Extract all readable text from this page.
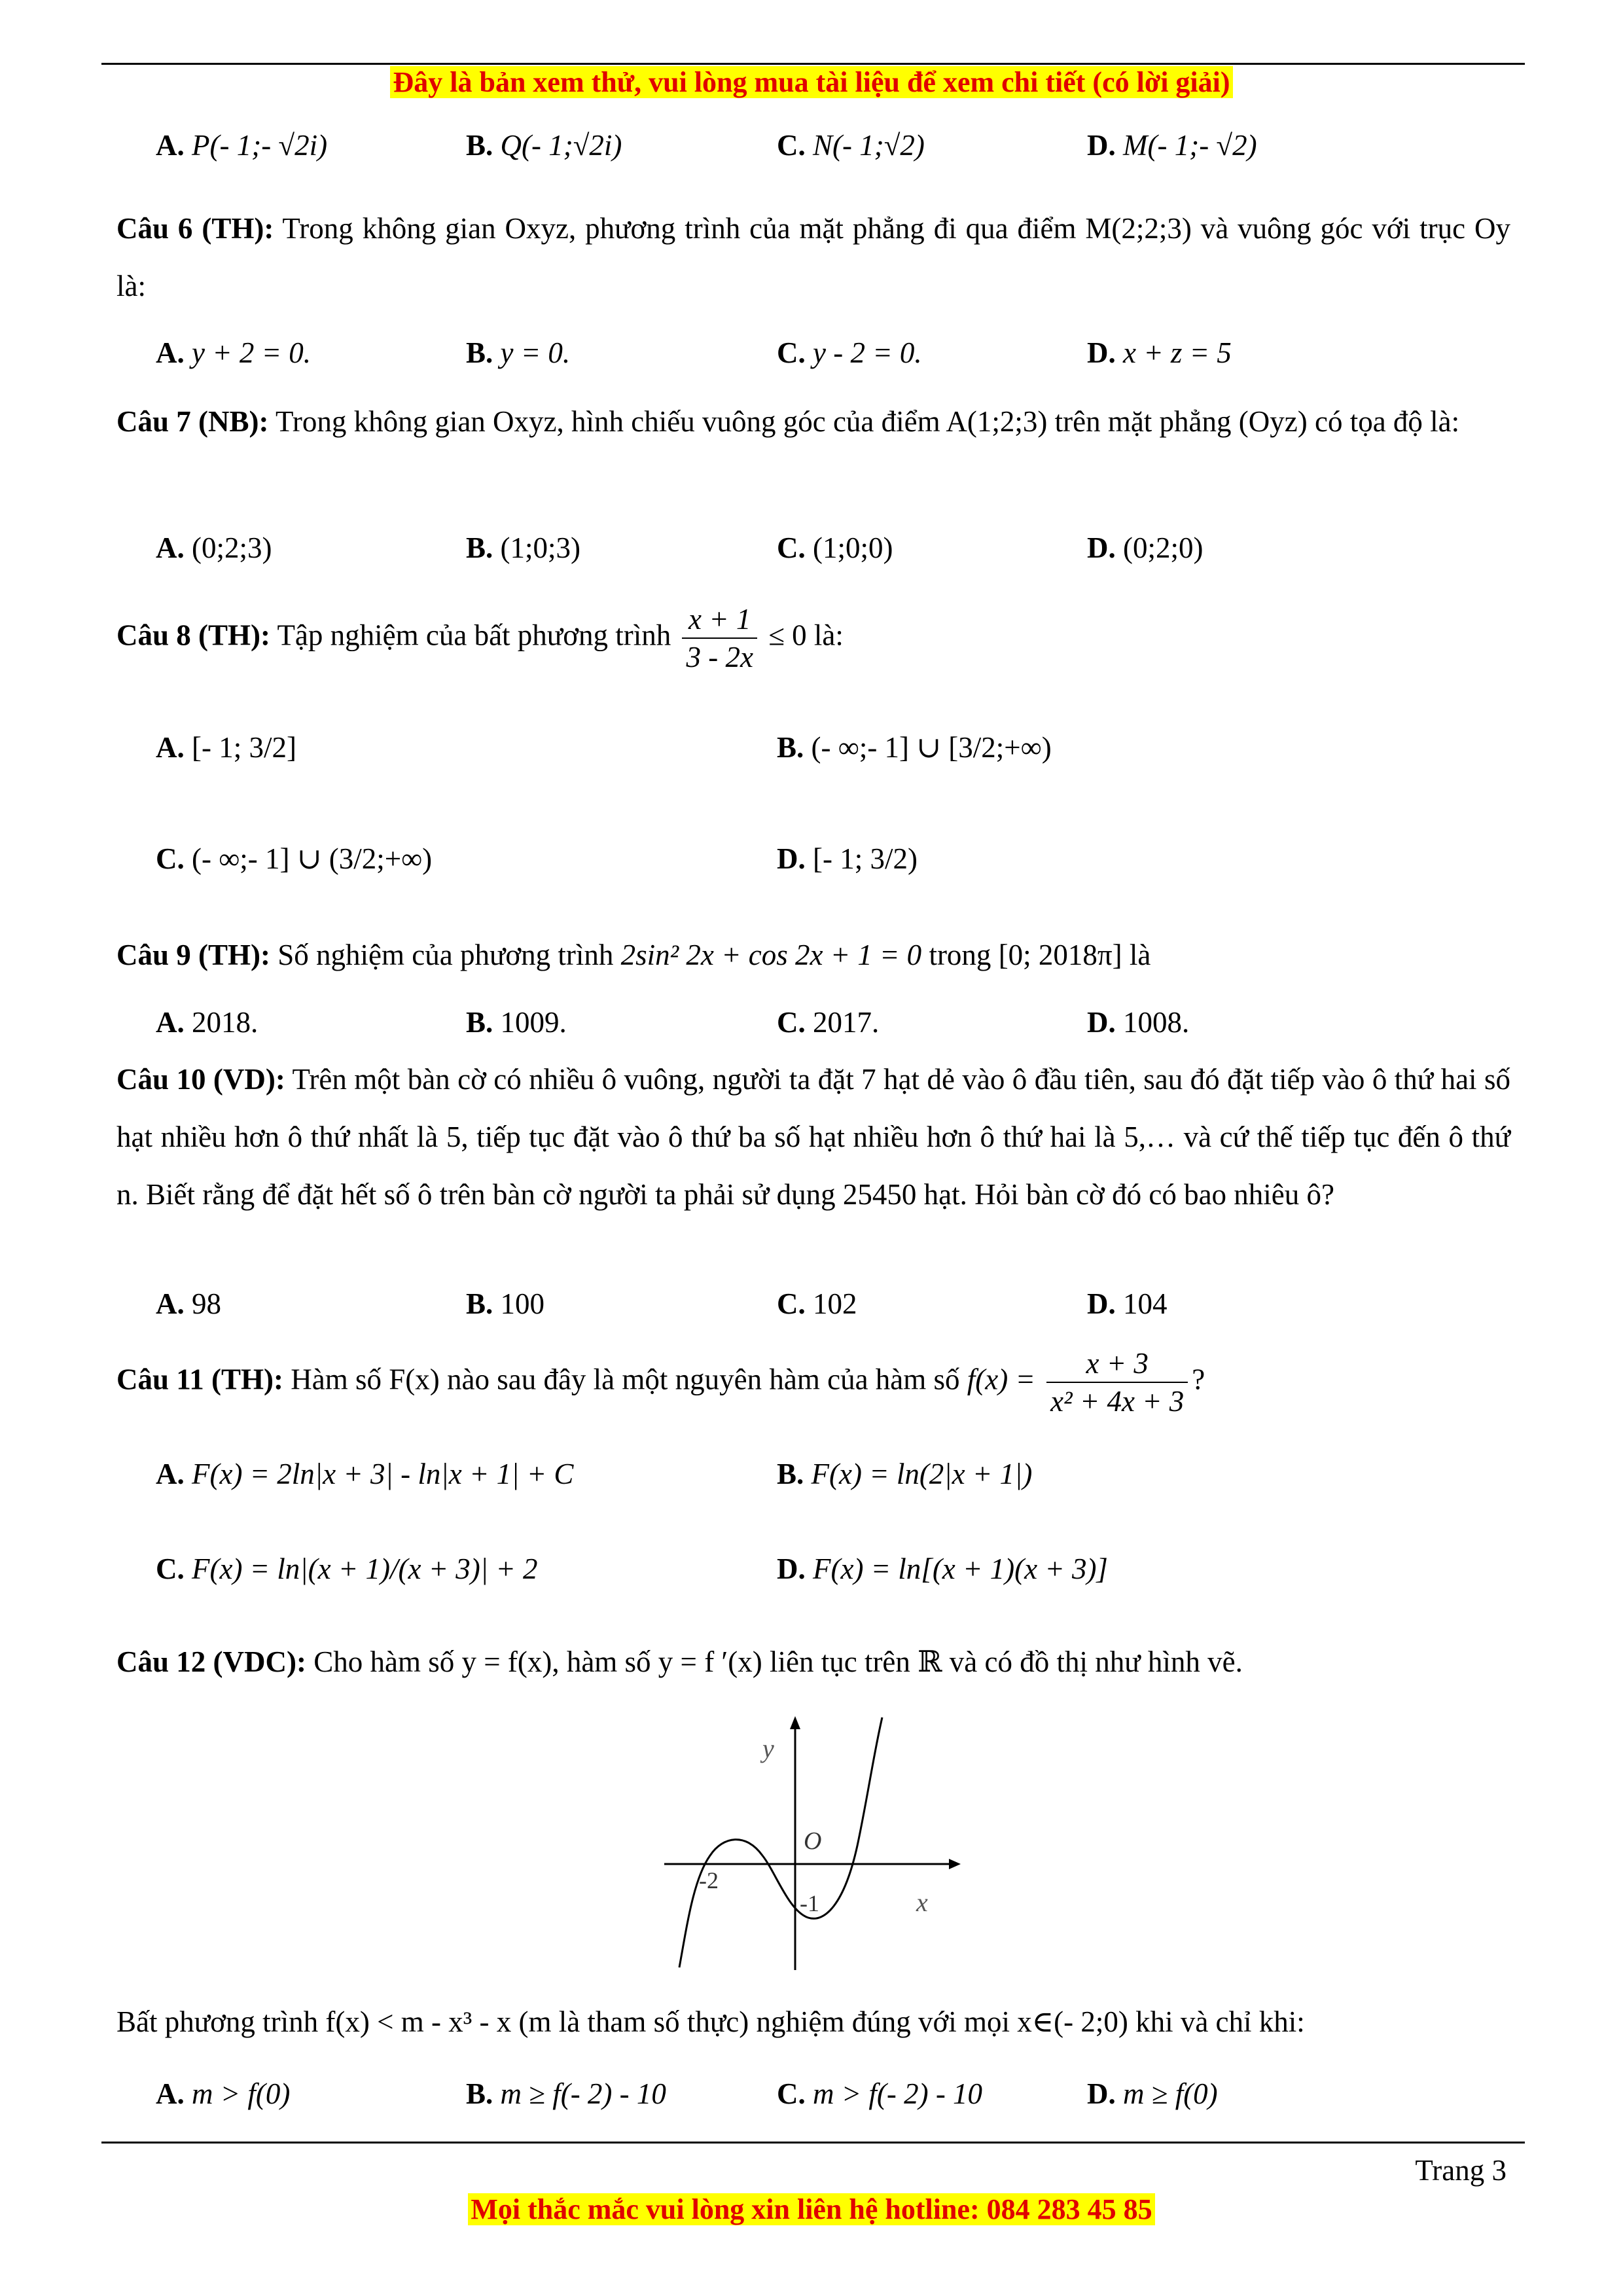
Đây là bản xem thử, vui lòng mua tài liệu để xem chi tiết (có lời giải)
A. P(- 1;- √2i)	B. Q(- 1;√2i)	C. N(- 1;√2)	D. M(- 1;- √2)
Câu 6 (TH): Trong không gian Oxyz, phương trình của mặt phẳng đi qua điểm M(2;2;3) và vuông góc với trục Oy là:
A. y + 2 = 0.	B. y = 0.	C. y - 2 = 0.	D. x + z = 5
Câu 7 (NB): Trong không gian Oxyz, hình chiếu vuông góc của điểm A(1;2;3) trên mặt phẳng (Oyz) có tọa độ là:
A. (0;2;3)	B. (1;0;3)	C. (1;0;0)	D. (0;2;0)
Câu 8 (TH): Tập nghiệm của bất phương trình $\frac{x + 1}{3 - 2x} \le 0$ là:
A. [- 1; 3/2]	B. (- ∞;- 1] ∪ [3/2;+∞)
C. (- ∞;- 1] ∪ (3/2;+∞)	D. [- 1; 3/2)
Câu 9 (TH): Số nghiệm của phương trình 2sin² 2x + cos 2x + 1 = 0 trong [0; 2018π] là
A. 2018.	B. 1009.	C. 2017.	D. 1008.
Câu 10 (VD): Trên một bàn cờ có nhiều ô vuông, người ta đặt 7 hạt dẻ vào ô đầu tiên, sau đó đặt tiếp vào ô thứ hai số hạt nhiều hơn ô thứ nhất là 5, tiếp tục đặt vào ô thứ ba số hạt nhiều hơn ô thứ hai là 5,… và cứ thế tiếp tục đến ô thứ n. Biết rằng để đặt hết số ô trên bàn cờ người ta phải sử dụng 25450 hạt. Hỏi bàn cờ đó có bao nhiêu ô?
A. 98	B. 100	C. 102	D. 104
Câu 11 (TH): Hàm số F(x) nào sau đây là một nguyên hàm của hàm số $f(x) = \frac{x + 3}{\text{x² + 4x + 3}}$ ?
A. F(x) = 2ln|x + 3| - ln|x + 1| + C	B. F(x) = ln(2|x + 1|)
C. F(x) = ln|(x + 1)/(x + 3)| + 2	D. F(x) = ln[(x + 1)(x + 3)]
Câu 12 (VDC): Cho hàm số y = f(x), hàm số y = f ′(x) liên tục trên ℝ và có đồ thị như hình vẽ.
y
x
O
-2
-1
Bất phương trình f(x) < m - x³ - x (m là tham số thực) nghiệm đúng với mọi x∈(- 2;0) khi và chỉ khi:
A. m > f(0)	B. m ≥ f(- 2) - 10	C. m > f(- 2) - 10	D. m ≥ f(0)
Trang 3
Mọi thắc mắc vui lòng xin liên hệ hotline: 084 283 45 85
